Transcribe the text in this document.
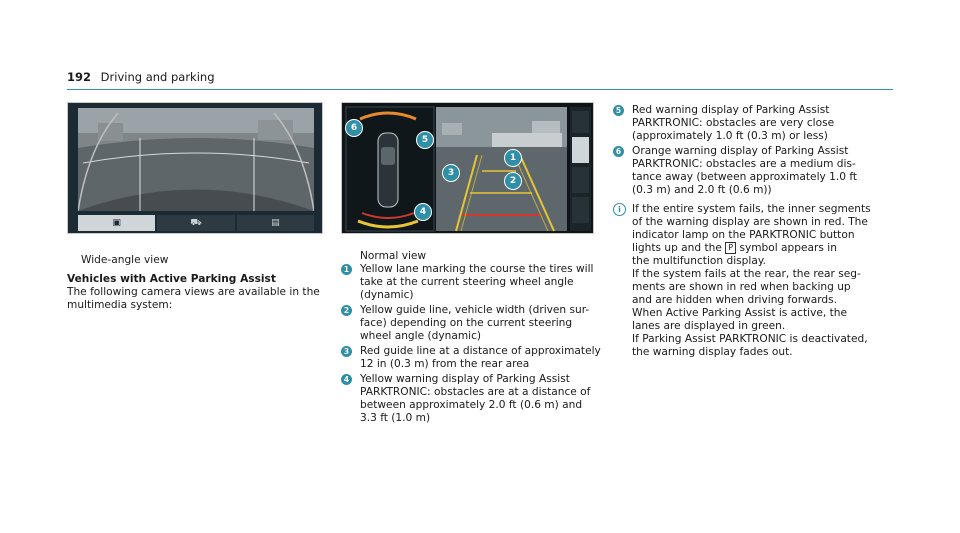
192 Driving and parking
▣	⛟	▤
6
5
4
3
1
2
Wide-angle view
Vehicles with Active Parking Assist
The following camera views are available in the
multimedia system:
Normal view
1 Yellow lane marking the course the tires will
take at the current steering wheel angle
(dynamic)
2 Yellow guide line, vehicle width (driven sur-
face) depending on the current steering
wheel angle (dynamic)
3 Red guide line at a distance of approximately
12 in (0.3 m) from the rear area
4 Yellow warning display of Parking Assist
PARKTRONIC: obstacles are at a distance of
between approximately 2.0 ft (0.6 m) and
3.3 ft (1.0 m)
5 Red warning display of Parking Assist
PARKTRONIC: obstacles are very close
(approximately 1.0 ft (0.3 m) or less)
6 Orange warning display of Parking Assist
PARKTRONIC: obstacles are a medium dis-
tance away (between approximately 1.0 ft
(0.3 m) and 2.0 ft (0.6 m))
i	If the entire system fails, the inner segments
of the warning display are shown in red. The
indicator lamp on the PARKTRONIC button
lights up and the P̅ symbol appears in
the multifunction display.
If the system fails at the rear, the rear seg-
ments are shown in red when backing up
and are hidden when driving forwards.
When Active Parking Assist is active, the
lanes are displayed in green.
If Parking Assist PARKTRONIC is deactivated,
the warning display fades out.
